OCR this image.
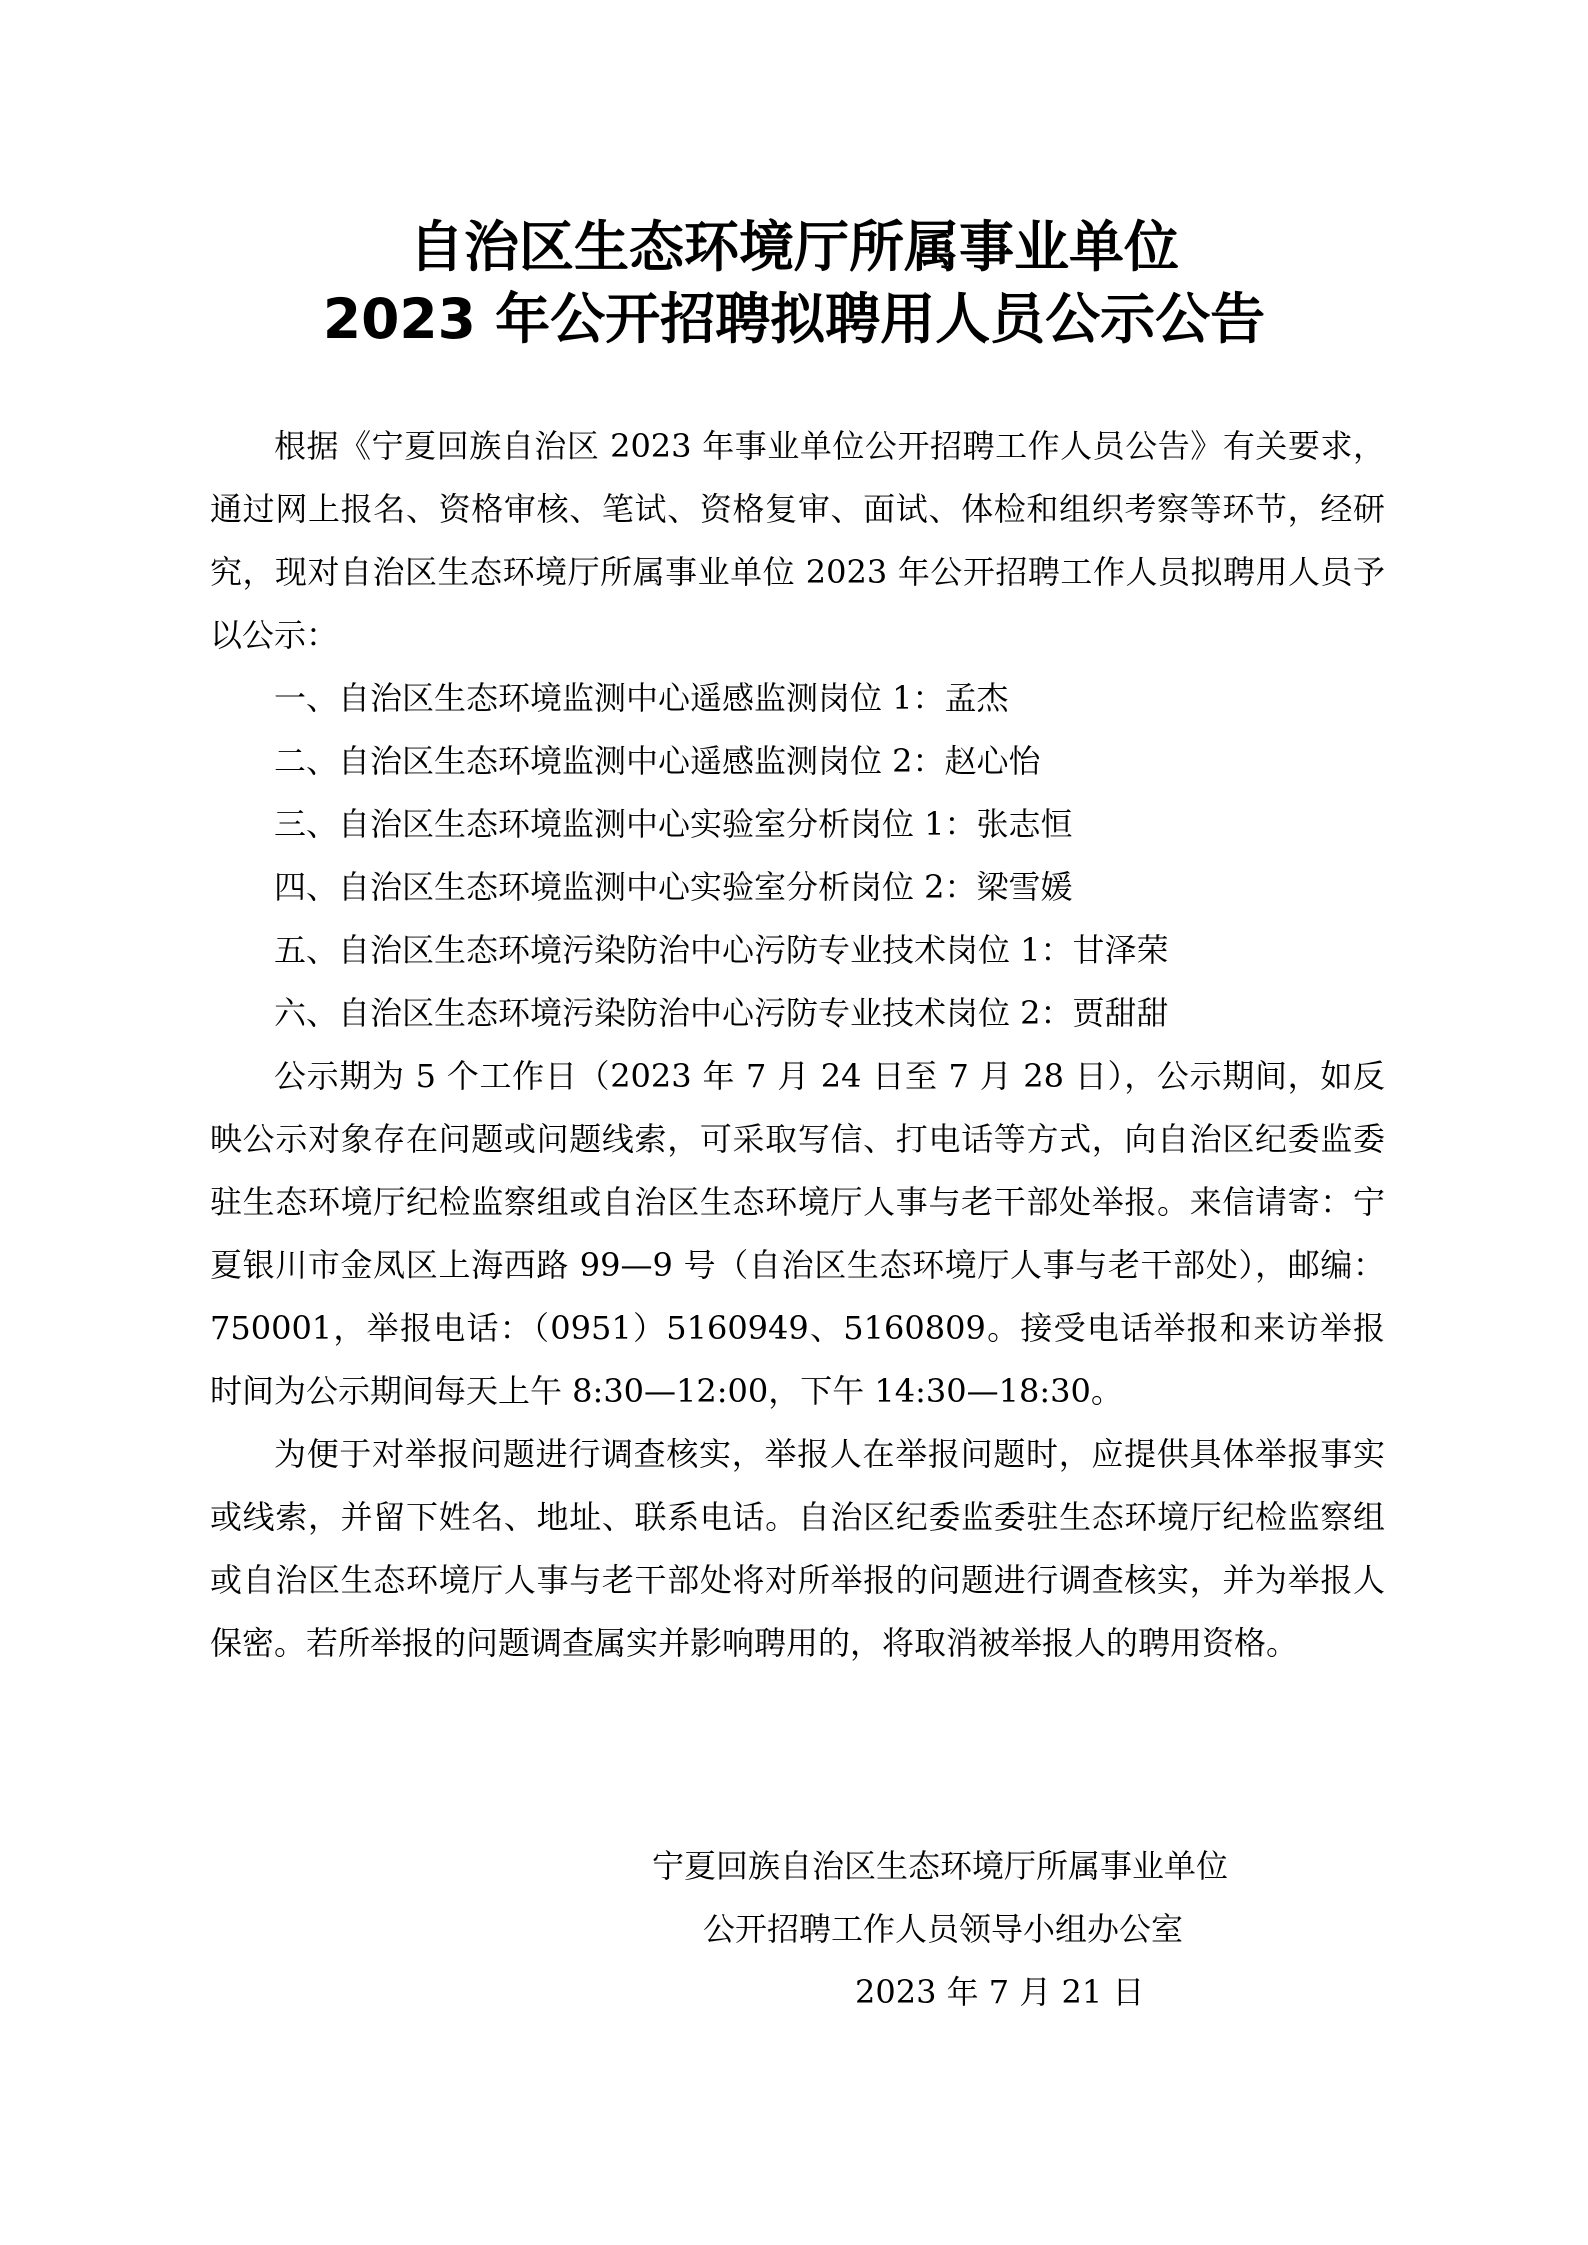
自治区生态环境厅所属事业单位
2023 年公开招聘拟聘用人员公示公告

根据《宁夏回族自治区 2023 年事业单位公开招聘工作人员公告》有关要求，通过网上报名、资格审核、笔试、资格复审、面试、体检和组织考察等环节，经研究，现对自治区生态环境厅所属事业单位 2023 年公开招聘工作人员拟聘用人员予以公示：

一、自治区生态环境监测中心遥感监测岗位 1：孟杰

二、自治区生态环境监测中心遥感监测岗位 2：赵心怡

三、自治区生态环境监测中心实验室分析岗位 1：张志恒

四、自治区生态环境监测中心实验室分析岗位 2：梁雪媛

五、自治区生态环境污染防治中心污防专业技术岗位 1：甘泽荣

六、自治区生态环境污染防治中心污防专业技术岗位 2：贾甜甜

公示期为 5 个工作日（2023 年 7 月 24 日至 7 月 28 日），公示期间，如反映公示对象存在问题或问题线索，可采取写信、打电话等方式，向自治区纪委监委驻生态环境厅纪检监察组或自治区生态环境厅人事与老干部处举报。来信请寄：宁夏银川市金凤区上海西路 99—9 号（自治区生态环境厅人事与老干部处），邮编：750001，举报电话：（0951）5160949、5160809。接受电话举报和来访举报时间为公示期间每天上午 8:30—12:00，下午 14:30—18:30。

为便于对举报问题进行调查核实，举报人在举报问题时，应提供具体举报事实或线索，并留下姓名、地址、联系电话。自治区纪委监委驻生态环境厅纪检监察组或自治区生态环境厅人事与老干部处将对所举报的问题进行调查核实，并为举报人保密。若所举报的问题调查属实并影响聘用的，将取消被举报人的聘用资格。

宁夏回族自治区生态环境厅所属事业单位
公开招聘工作人员领导小组办公室
2023 年 7 月 21 日
